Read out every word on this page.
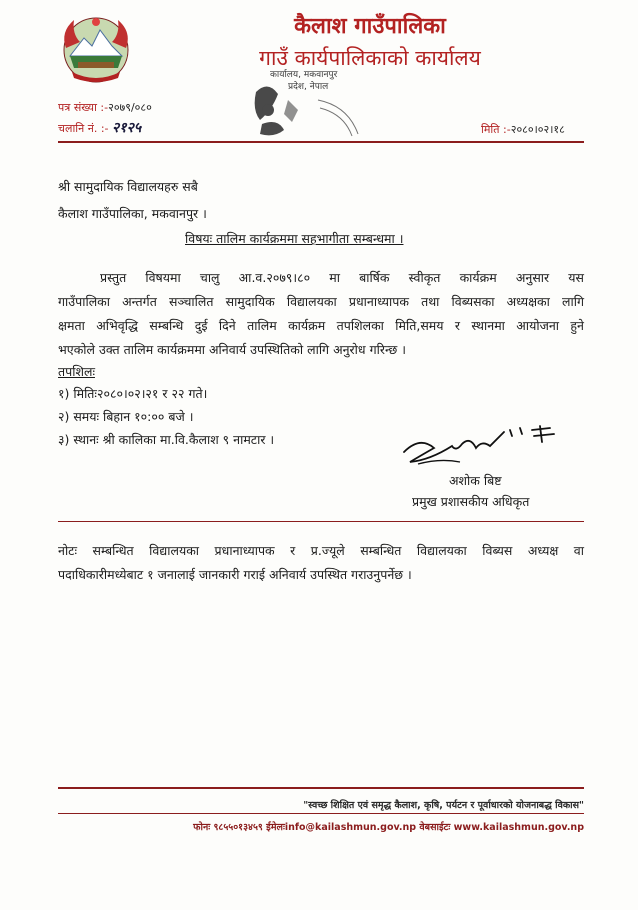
कैलाश गाउँपालिका
गाउँ कार्यपालिकाको कार्यालय
कार्यालय, मकवानपुर
प्रदेश, नेपाल
पत्र संख्या :-२०७९/०८०
चलानि नं. :- २१२५	मिति :-२०८०।०२।१८
श्री सामुदायिक विद्यालयहरु सबै
कैलाश गाउँपालिका, मकवानपुर ।
विषयः तालिम कार्यक्रममा सहभागीता सम्बन्धमा ।
प्रस्तुत विषयमा चालु आ.व.२०७९।८० मा बार्षिक स्वीकृत कार्यक्रम अनुसार यस
गाउँपालिका अन्तर्गत सञ्चालित सामुदायिक विद्यालयका प्रधानाध्यापक तथा विब्यसका अध्यक्षका लागि
क्षमता अभिवृद्धि सम्बन्धि दुई दिने तालिम कार्यक्रम तपशिलका मिति,समय र स्थानमा आयोजना हुने
भएकोले उक्त तालिम कार्यक्रममा अनिवार्य उपस्थितिको लागि अनुरोध गरिन्छ ।
तपशिलः
१) मितिः२०८०।०२।२१ र २२ गते।
२) समयः बिहान १०:०० बजे ।
३) स्थानः श्री कालिका मा.वि.कैलाश ९ नामटार ।
अशोक बिष्ट
प्रमुख प्रशासकीय अधिकृत
नोटः सम्बन्धित विद्यालयका प्रधानाध्यापक र प्र.ज्यूले सम्बन्धित विद्यालयका विब्यस अध्यक्ष वा
पदाधिकारीमध्येबाट १ जनालाई जानकारी गराई अनिवार्य उपस्थित गराउनुपर्नेछ ।
"स्वच्छ शिक्षित एवं समृद्ध कैलाश, कृषि, पर्यटन र पूर्वाधारको योजनाबद्ध विकास"
फोनः ९८५५०१३४५९ ईमेलःinfo@kailashmun.gov.np वेबसाईटः www.kailashmun.gov.np
